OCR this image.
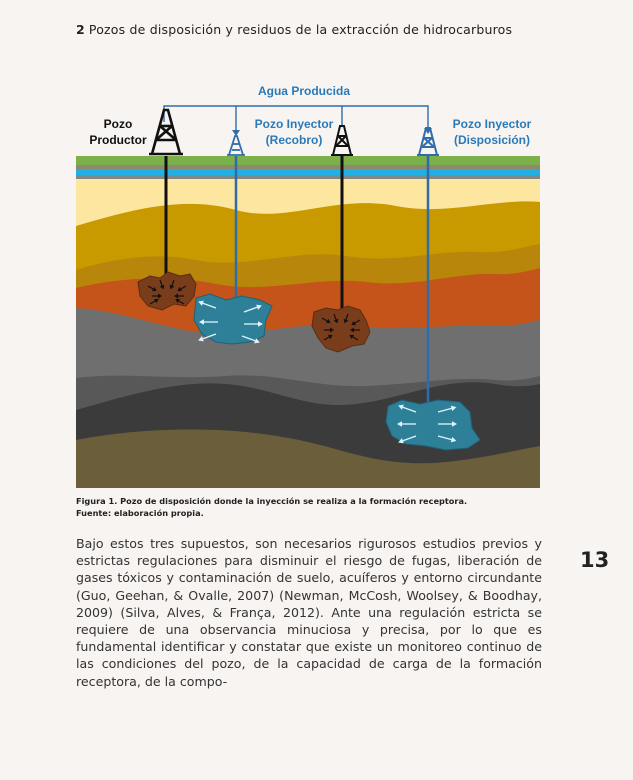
2 Pozos de disposición y residuos de la extracción de hidrocarburos
Agua Producida
Pozo
Productor
Pozo Inyector
(Recobro)
Pozo Inyector
(Disposición)
Figura 1. Pozo de disposición donde la inyección se realiza a la formación receptora.
Fuente: elaboración propia.
Bajo estos tres supuestos, son necesarios rigurosos estudios previos y estrictas regulaciones para disminuir el riesgo de fugas, liberación de gases tóxicos y contaminación de suelo, acuíferos y entorno circundante (Guo, Geehan, & Ovalle, 2007) (Newman, McCosh, Woolsey, & Boodhay, 2009) (Silva, Alves, & França, 2012). Ante una regulación estricta se requiere de una observancia minuciosa y precisa, por lo que es fundamental identificar y constatar que existe un monitoreo continuo de las condiciones del pozo, de la capacidad de carga de la formación receptora, de la compo-
13
